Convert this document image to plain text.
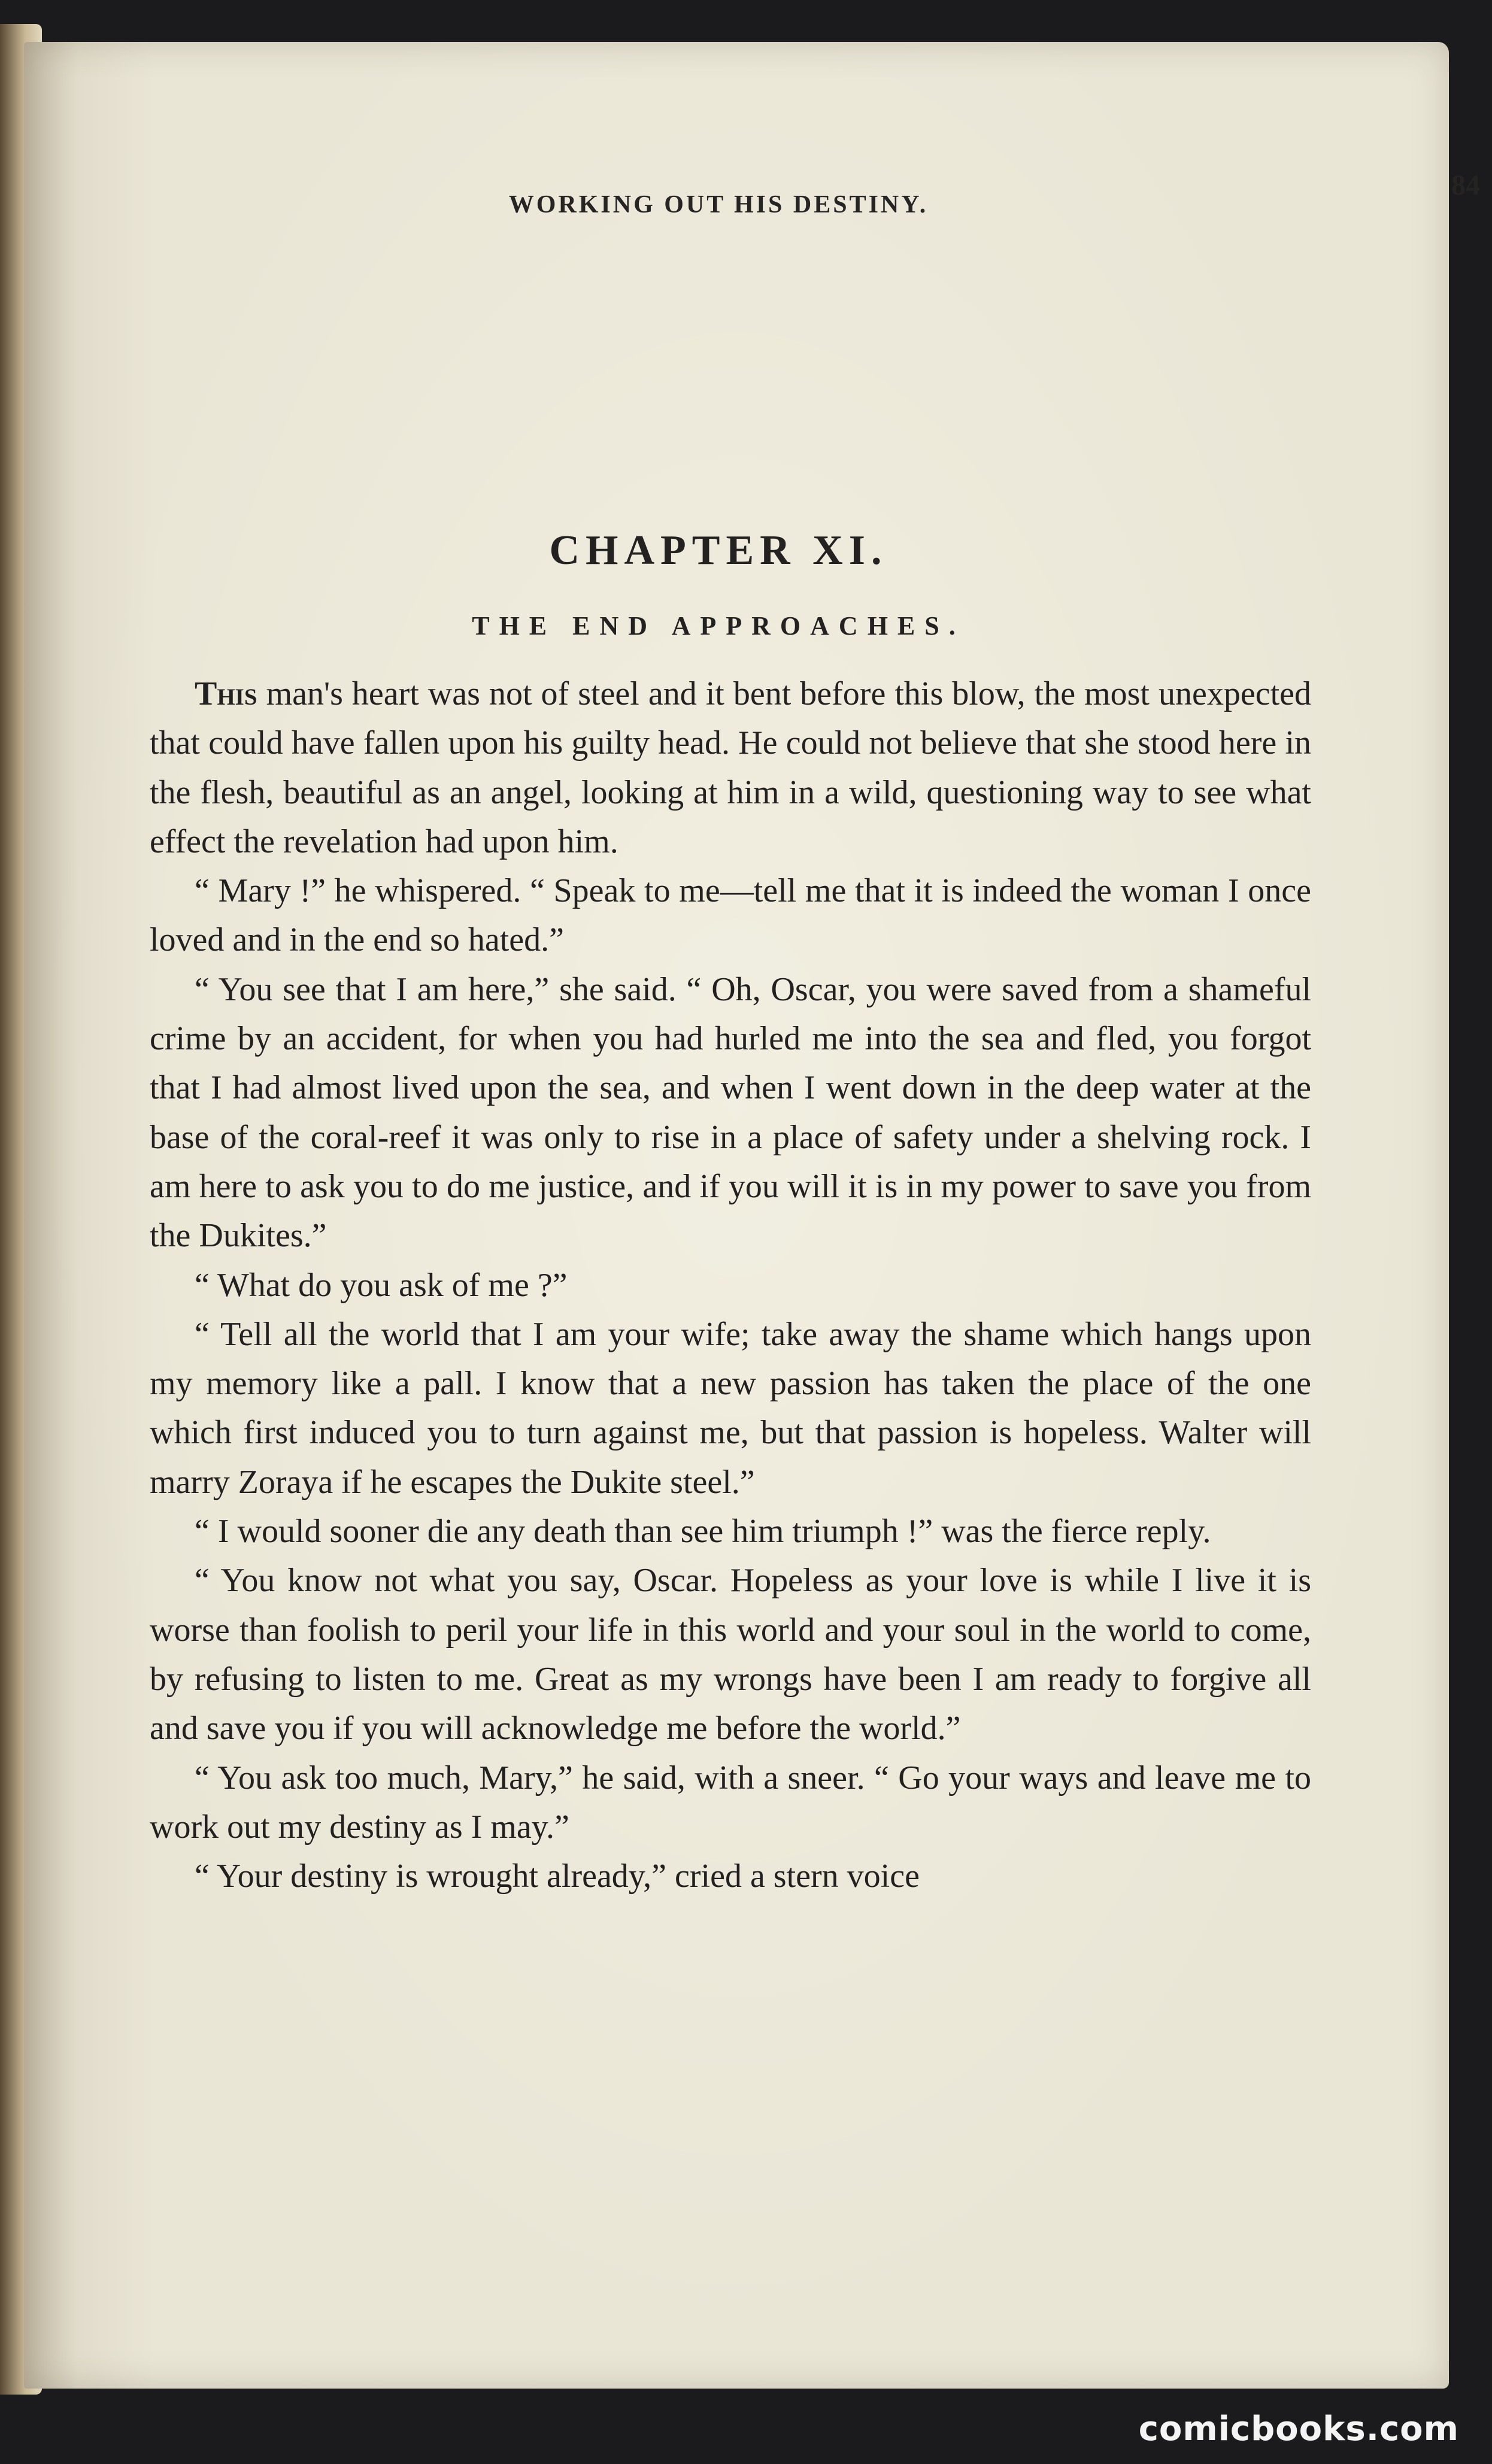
84
WORKING OUT HIS DESTINY.
CHAPTER XI.
THE END APPROACHES.

This man's heart was not of steel and it bent before this blow, the most unexpected that could have fallen upon his guilty head. He could not believe that she stood here in the flesh, beautiful as an angel, looking at him in a wild, questioning way to see what effect the revelation had upon him.

“ Mary !” he whispered. “ Speak to me—tell me that it is indeed the woman I once loved and in the end so hated.”

“ You see that I am here,” she said. “ Oh, Oscar, you were saved from a shameful crime by an accident, for when you had hurled me into the sea and fled, you forgot that I had almost lived upon the sea, and when I went down in the deep water at the base of the coral-reef it was only to rise in a place of safety under a shelving rock. I am here to ask you to do me justice, and if you will it is in my power to save you from the Dukites.”

“ What do you ask of me ?”

“ Tell all the world that I am your wife; take away the shame which hangs upon my memory like a pall. I know that a new passion has taken the place of the one which first induced you to turn against me, but that passion is hopeless. Walter will marry Zoraya if he escapes the Dukite steel.”

“ I would sooner die any death than see him triumph !” was the fierce reply.

“ You know not what you say, Oscar. Hopeless as your love is while I live it is worse than foolish to peril your life in this world and your soul in the world to come, by refusing to listen to me. Great as my wrongs have been I am ready to forgive all and save you if you will acknowledge me before the world.”

“ You ask too much, Mary,” he said, with a sneer. “ Go your ways and leave me to work out my destiny as I may.”

“ Your destiny is wrought already,” cried a stern voice

comicbooks.com
